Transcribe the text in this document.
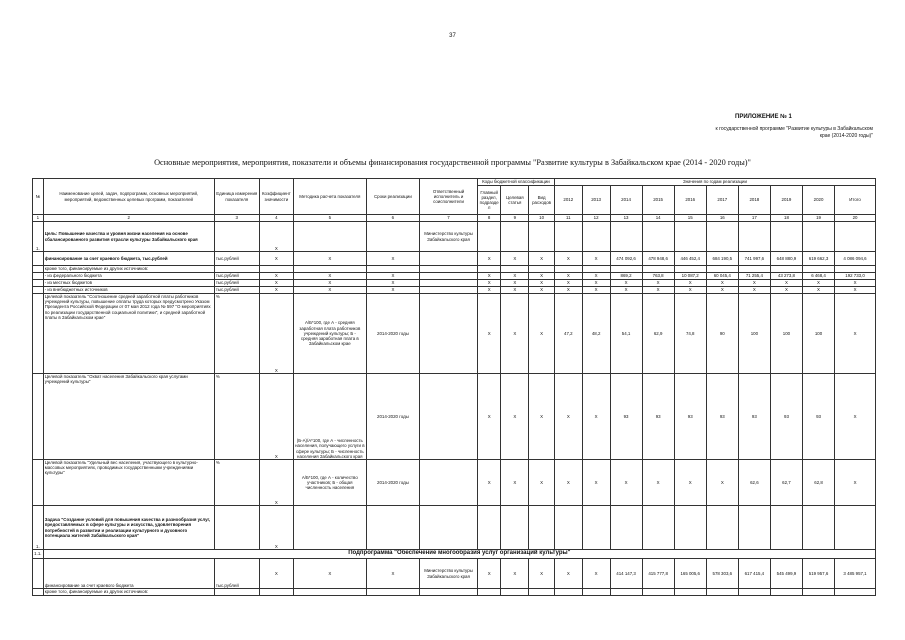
37
ПРИЛОЖЕНИЕ № 1
к государственной программе "Развитие культуры в Забайкальском крае (2014-2020 годы)"
Основные мероприятия, мероприятия, показатели и объемы финансирования государственной программы "Развитие культуры в Забайкальском крае (2014 - 2020 годы)"
№	Наименование целей, задач, подпрограмм, основных мероприятий, мероприятий, ведомственных целевых программ, показателей	Единица измерения показателя	Коэффициент значимости	Методика расчета показателя	Сроки реализации	Ответственный исполнитель и соисполнители	Коды бюджетной классификации			Значения по годам реализации									
							Главный раздел, подраздел	Целевая статья	Вид расходов	2012	2013	2014	2015	2016	2017	2018	2019	2020	Итого
1	2	3	4	5	6	7	8	9	10	11	12	13	14	15	16	17	18	19	20
1.	Цель: Повышение качества и уровня жизни населения на основе сбалансированного развития отрасли культуры Забайкальского края		X			Министерство культуры Забайкальского края													
	финансирование за счет краевого бюджета, тыс.рублей	тыс.рублей	X	X	X		X	X	X	X	X	474 092,6	478 948,6	446 452,4	684 190,5	741 997,6	648 880,9	619 662,3	4 086 094,6
	кроме того, финансируемые из других источников:																		
	- из федерального бюджета	тыс.рублей	X	X	X		X	X	X	X	X	869,2	763,8	10 087,2	60 045,4	71 255,4	43 273,8	6 468,4	192 733,0
	- из местных бюджетов	тыс.рублей	X	X	X		X	X	X	X	X	X	X	X	X	X	X	X	X
	- из внебюджетных источников	тыс.рублей	X	X	X		X	X	X	X	X	X	X	X	X	X	X	X	X
	Целевой показатель "Соотношение средней заработной платы работников учреждений культуры, повышение оплаты труда которых предусмотрено Указом Президента Российской Федерации от 07 мая 2012 года № 597 "О мероприятиях по реализации государственной социальной политики", и средней заработной платы в Забайкальском крае"	%	X	A/Б*100, где А - средняя заработная плата работников учреждений культуры; Б - средняя заработная плата в Забайкальском крае	2014-2020 годы		X	X	X	47,2	48,2	54,1	62,9	74,8	90	100	100	100	X
	Целевой показатель "Охват населения Забайкальского края услугами учреждений культуры"	%	X	(Б-А)/А*100, где А - численность населения, получающего услуги в сфере культуры; Б - численность населения Забайкальского края	2014-2020 годы		X	X	X	X	X	93	93	93	93	93	93	93	X
	Целевой показатель "Удельный вес населения, участвующего в культурно-массовых мероприятиях, проводимых государственными учреждениями культуры"	%	X	A/Б*100, где А - количество участников; Б - общая численность населения	2014-2020 годы		X	X	X	X	X	X	X	X	X	62,6	62,7	62,8	X
1.	Задача "Создание условий для повышения качества и разнообразия услуг, предоставляемых в сфере культуры и искусства, удовлетворения потребностей в развитии и реализации культурного и духовного потенциала жителей Забайкальского края"		X																
1.1.	Подпрограмма "Обеспечение многообразия услуг организаций культуры"																		
	финансирование за счет краевого бюджета	тыс.рублей	X	X	X	Министерство культуры Забайкальского края	X	X	X	X	X	414 147,3	415 777,8	165 005,6	578 303,6	617 415,4	545 499,9	519 957,6	3 485 957,1
	кроме того, финансируемые из других источников:																		
